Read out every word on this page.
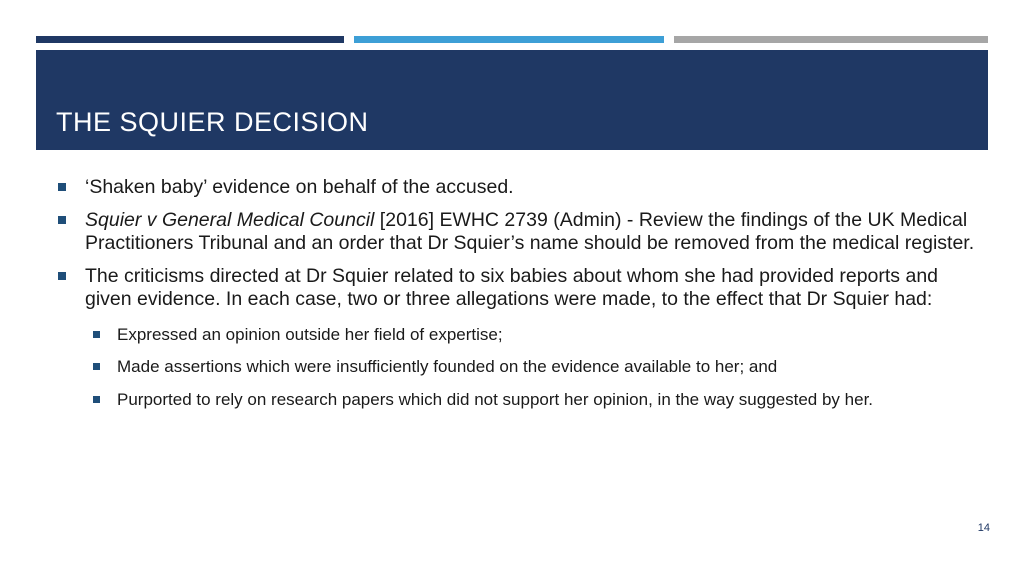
THE SQUIER DECISION
‘Shaken baby’ evidence on behalf of the accused.
Squier v General Medical Council [2016] EWHC 2739 (Admin) - Review the findings of the UK Medical Practitioners Tribunal and an order that Dr Squier’s name should be removed from the medical register.
The criticisms directed at Dr Squier related to six babies about whom she had provided reports and given evidence. In each case, two or three allegations were made, to the effect that Dr Squier had:
Expressed an opinion outside her field of expertise;
Made assertions which were insufficiently founded on the evidence available to her; and
Purported to rely on research papers which did not support her opinion, in the way suggested by her.
14
